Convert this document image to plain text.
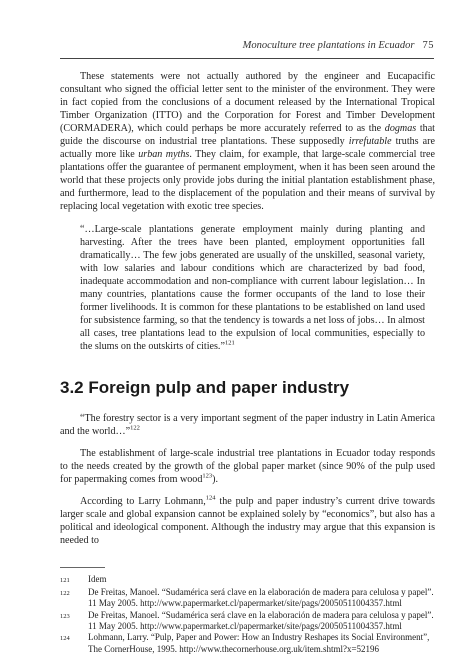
Monoculture tree plantations in Ecuador 75

These statements were not actually authored by the engineer and Eucapacific consultant who signed the official letter sent to the minister of the environment. They were in fact copied from the conclusions of a document released by the International Tropical Timber Organization (ITTO) and the Corporation for Forest and Timber Development (CORMADERA), which could perhaps be more accurately referred to as the dogmas that guide the discourse on industrial tree plantations. These supposedly irrefutable truths are actually more like urban myths. They claim, for example, that large-scale commercial tree plantations offer the guarantee of permanent employment, when it has been seen around the world that these projects only provide jobs during the initial plantation establishment phase, and furthermore, lead to the displacement of the population and their means of survival by replacing local vegetation with exotic tree species.

“…Large-scale plantations generate employment mainly during planting and harvesting. After the trees have been planted, employment opportunities fall dramatically… The few jobs generated are usually of the unskilled, seasonal variety, with low salaries and labour conditions which are characterized by bad food, inadequate accommodation and non-compliance with current labour legislation… In many countries, plantations cause the former occupants of the land to lose their former livelihoods. It is common for these plantations to be established on land used for subsistence farming, so that the tendency is towards a net loss of jobs… In almost all cases, tree plantations lead to the expulsion of local communities, especially to the slums on the outskirts of cities.”$^{121}$

3.2 Foreign pulp and paper industry

“The forestry sector is a very important segment of the paper industry in Latin America and the world…”$^{122}$

The establishment of large-scale industrial tree plantations in Ecuador today responds to the needs created by the growth of the global paper market (since 90% of the pulp used for papermaking comes from wood$^{123}$).

According to Larry Lohmann,$^{124}$ the pulp and paper industry’s current drive towards larger scale and global expansion cannot be explained solely by “economics”, but also has a political and ideological component. Although the industry may argue that this expansion is needed to

121	Idem
122	De Freitas, Manoel. “Sudamérica será clave en la elaboración de madera para celulosa y papel”. 11 May 2005. http://www.papermarket.cl/papermarket/site/pags/20050511004357.html
123	De Freitas, Manoel. “Sudamérica será clave en la elaboración de madera para celulosa y papel”. 11 May 2005. http://www.papermarket.cl/papermarket/site/pags/20050511004357.html
124	Lohmann, Larry. “Pulp, Paper and Power: How an Industry Reshapes its Social Environment”, The CornerHouse, 1995. http://www.thecornerhouse.org.uk/item.shtml?x=52196
